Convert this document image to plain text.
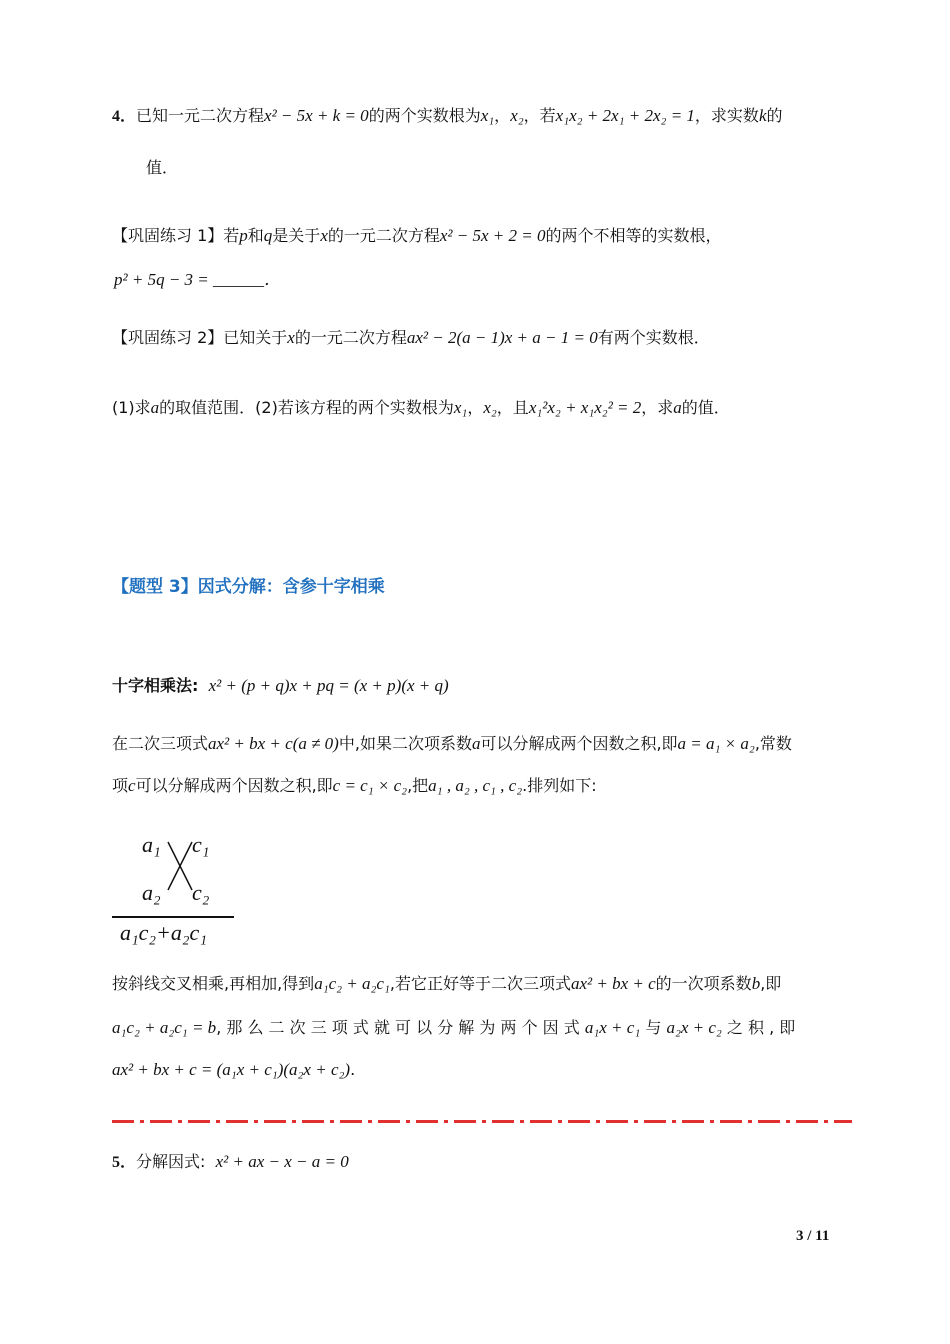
4．已知一元二次方程x² − 5x + k = 0的两个实数根为x₁，x₂，若x₁x₂ + 2x₁ + 2x₂ = 1，求实数k的
值．
【巩固练习 1】若p和q是关于x的一元二次方程x² − 5x + 2 = 0的两个不相等的实数根，
p² + 5q − 3 = ______．
【巩固练习 2】已知关于x的一元二次方程ax² − 2(a − 1)x + a − 1 = 0有两个实数根．
(1)求a的取值范围．(2)若该方程的两个实数根为x₁，x₂，且x₁²x₂ + x₁x₂² = 2，求a的值．
【题型 3】因式分解：含参十字相乘
十字相乘法: x² + (p + q)x + pq = (x + p)(x + q)
在二次三项式ax² + bx + c(a ≠ 0)中,如果二次项系数a可以分解成两个因数之积,即a = a₁ × a₂,常数
项c可以分解成两个因数之积,即c = c₁ × c₂,把a₁ , a₂ , c₁ , c₂.排列如下:
a₁ c₁
a₂ c₂
a₁c₂+a₂c₁
按斜线交叉相乘,再相加,得到a₁c₂ + a₂c₁,若它正好等于二次三项式ax² + bx + c的一次项系数b,即
a₁c₂ + a₂c₁ = b, 那 么 二 次 三 项 式 就 可 以 分 解 为 两 个 因 式 a₁x + c₁ 与 a₂x + c₂ 之 积 , 即
ax² + bx + c = (a₁x + c₁)(a₂x + c₂).
5．分解因式: x² + ax − x − a = 0
3 / 11
